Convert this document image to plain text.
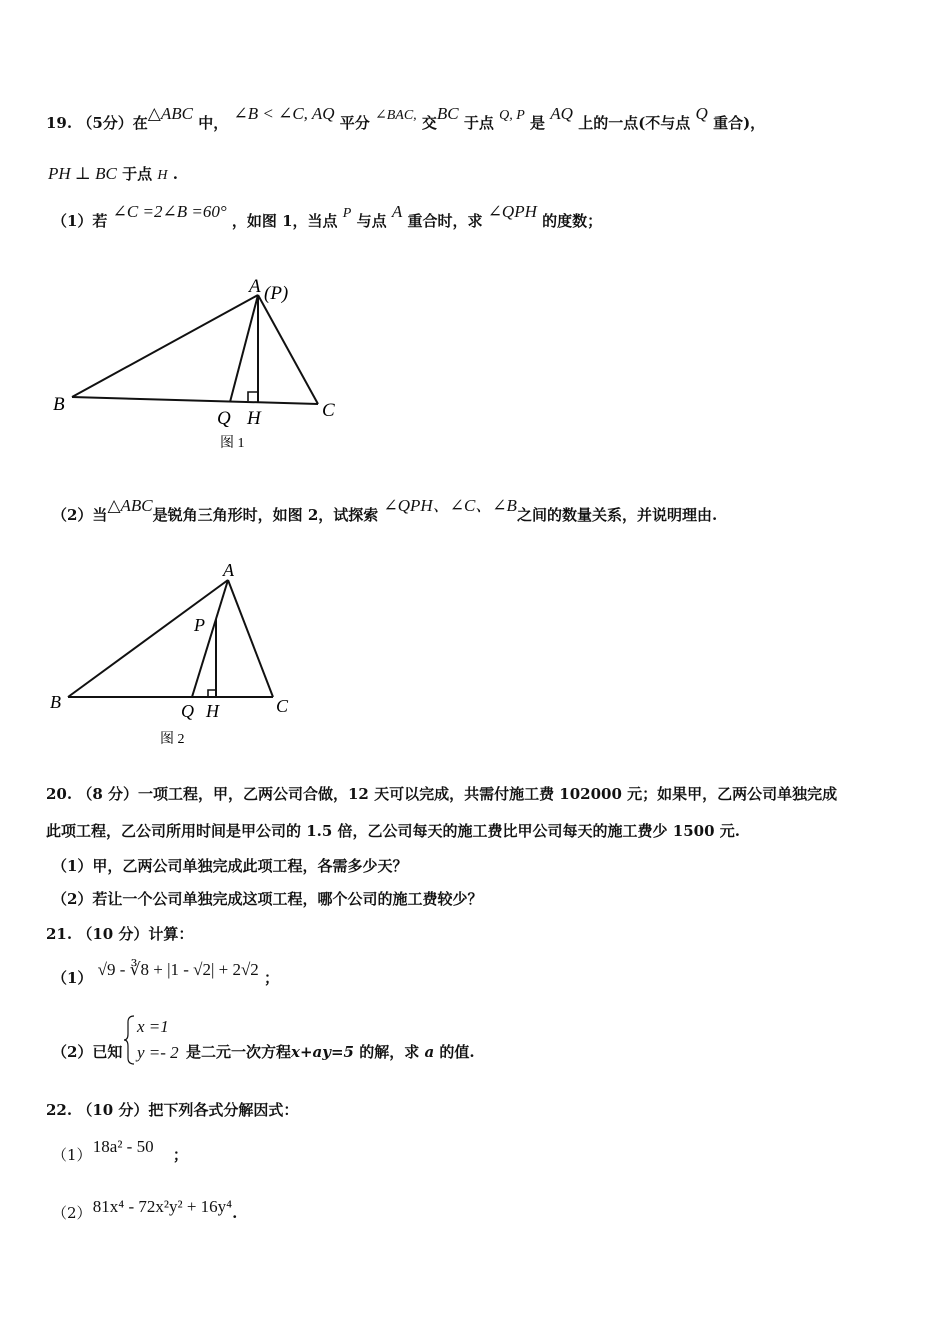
19. （5分）在△ABC 中， ∠B < ∠C, AQ 平分 ∠BAC, 交BC 于点 Q, P 是 AQ 上的一点(不与点 Q 重合)，
PH ⊥ BC 于点 H .
（1）若 ∠C =2∠B =60° ，如图 1，当点 P 与点 A 重合时，求 ∠QPH 的度数；
A (P)
B	C
Q H
图 1
（2）当△ABC是锐角三角形时，如图 2，试探索 ∠QPH、∠C、∠B之间的数量关系，并说明理由.
A
P
B	C
Q H
图 2
20. （8 分）一项工程，甲，乙两公司合做，12 天可以完成，共需付施工费 102000 元；如果甲，乙两公司单独完成
此项工程，乙公司所用时间是甲公司的 1.5 倍，乙公司每天的施工费比甲公司每天的施工费少 1500 元.
（1）甲，乙两公司单独完成此项工程，各需多少天？
（2）若让一个公司单独完成这项工程，哪个公司的施工费较少？
21. （10 分）计算：
（1） √9 - ∛8 + |1 - √2| + 2√2 ；
x =1
y =- 2
（2）已知	是二元一次方程x+ay=5 的解，求 a 的值.
22. （10 分）把下列各式分解因式：
（1） 18a² - 50 ；
（2） 81x⁴ - 72x²y² + 16y⁴.
